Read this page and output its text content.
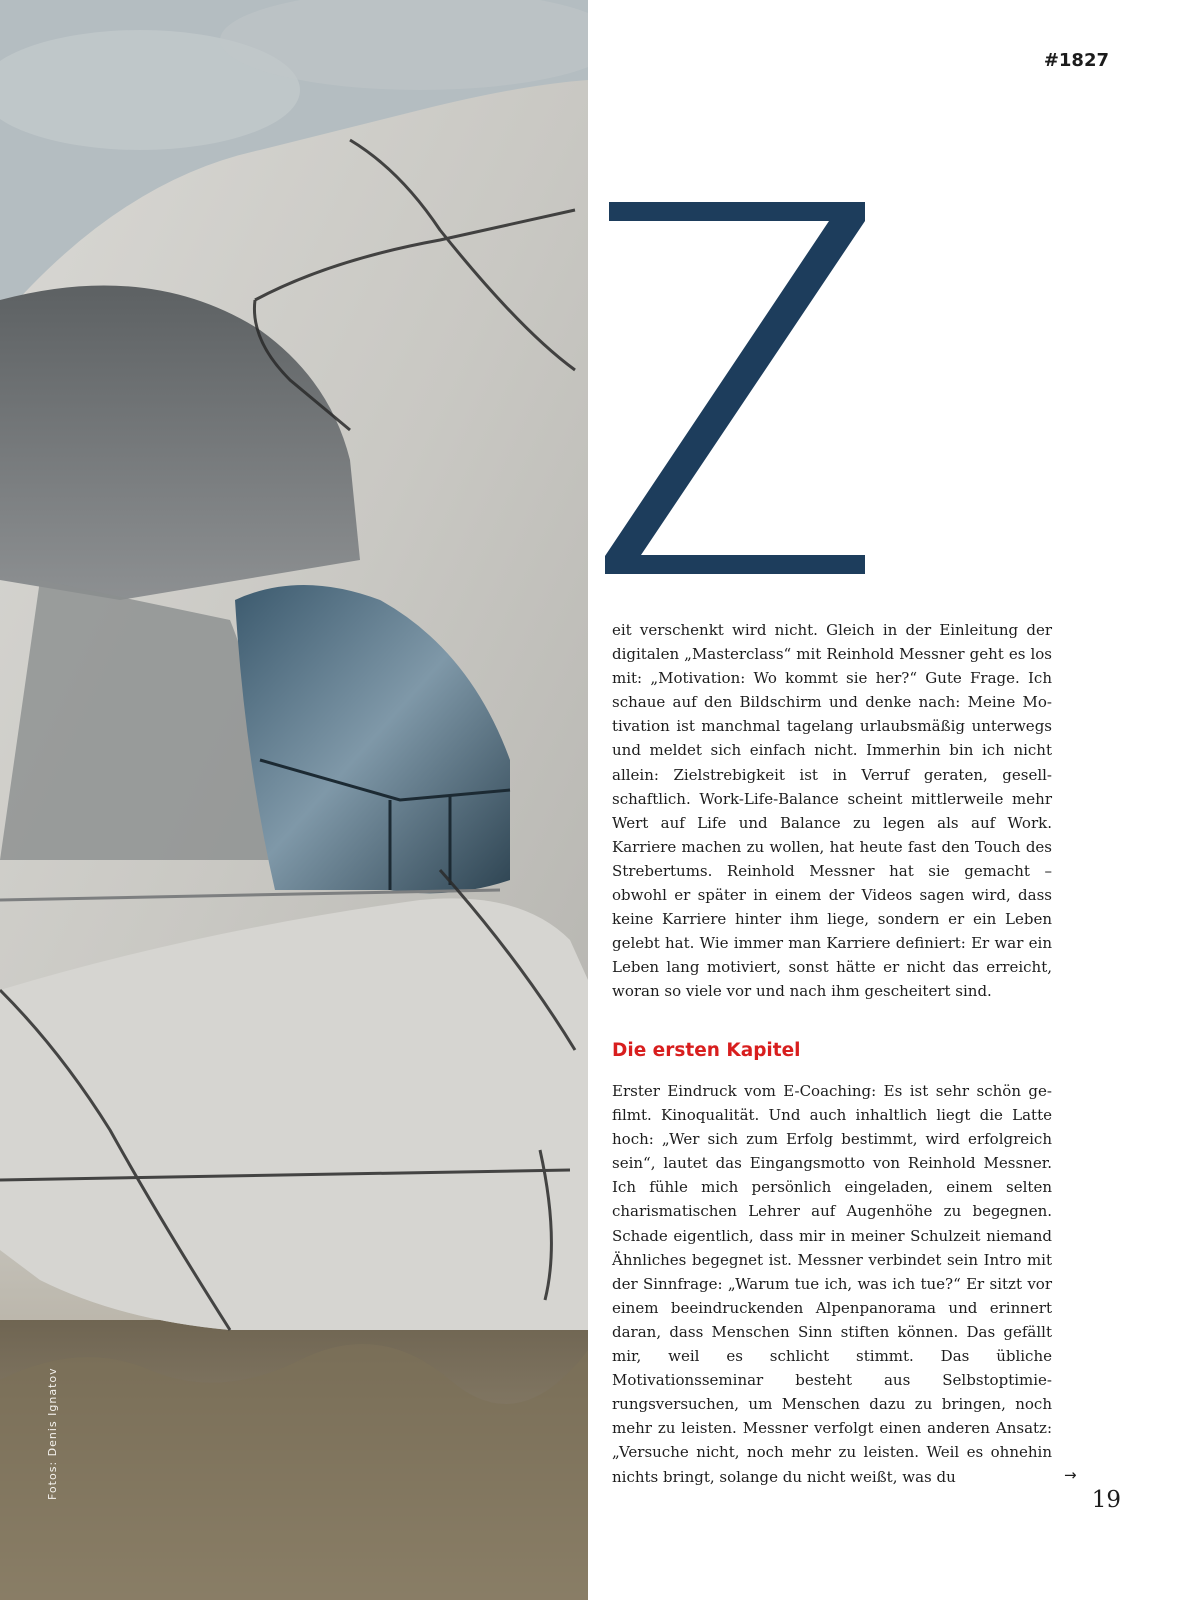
Fotos: Denis Ignatov
#1827

eit verschenkt wird nicht. Gleich in der Einleitung der digitalen „Masterclass“ mit Reinhold Messner geht es los mit: „Motivation: Wo kommt sie her?“ Gute Frage. Ich schaue auf den Bildschirm und denke nach: Meine Motivation ist manchmal tagelang urlaubsmäßig unterwegs und meldet sich einfach nicht. Immerhin bin ich nicht allein: Zielstrebigkeit ist in Verruf geraten, gesellschaftlich. Work-Life-Balance scheint mittlerweile mehr Wert auf Life und Balance zu legen als auf Work. Karriere machen zu wollen, hat heute fast den Touch des Strebertums. Reinhold Messner hat sie gemacht – obwohl er später in einem der Videos sagen wird, dass keine Karriere hinter ihm liege, sondern er ein Leben gelebt hat. Wie immer man Karriere definiert: Er war ein Leben lang motiviert, sonst hätte er nicht das erreicht, woran so viele vor und nach ihm gescheitert sind.

Die ersten Kapitel

Erster Eindruck vom E-Coaching: Es ist sehr schön gefilmt. Kinoqualität. Und auch inhaltlich liegt die Latte hoch: „Wer sich zum Erfolg bestimmt, wird erfolgreich sein“, lautet das Eingangsmotto von Reinhold Messner. Ich fühle mich persönlich eingeladen, einem selten charismatischen Lehrer auf Augenhöhe zu begegnen. Schade eigentlich, dass mir in meiner Schulzeit niemand Ähnliches begegnet ist. Messner verbindet sein Intro mit der Sinnfrage: „Warum tue ich, was ich tue?“ Er sitzt vor einem beeindruckenden Alpenpanorama und erinnert daran, dass Menschen Sinn stiften können. Das gefällt mir, weil es schlicht stimmt. Das übliche Motivationsseminar besteht aus Selbstoptimierungsversuchen, um Menschen dazu zu bringen, noch mehr zu leisten. Messner verfolgt einen anderen Ansatz: „Versuche nicht, noch mehr zu leisten. Weil es ohnehin nichts bringt, solange du nicht weißt, was du	→
19
